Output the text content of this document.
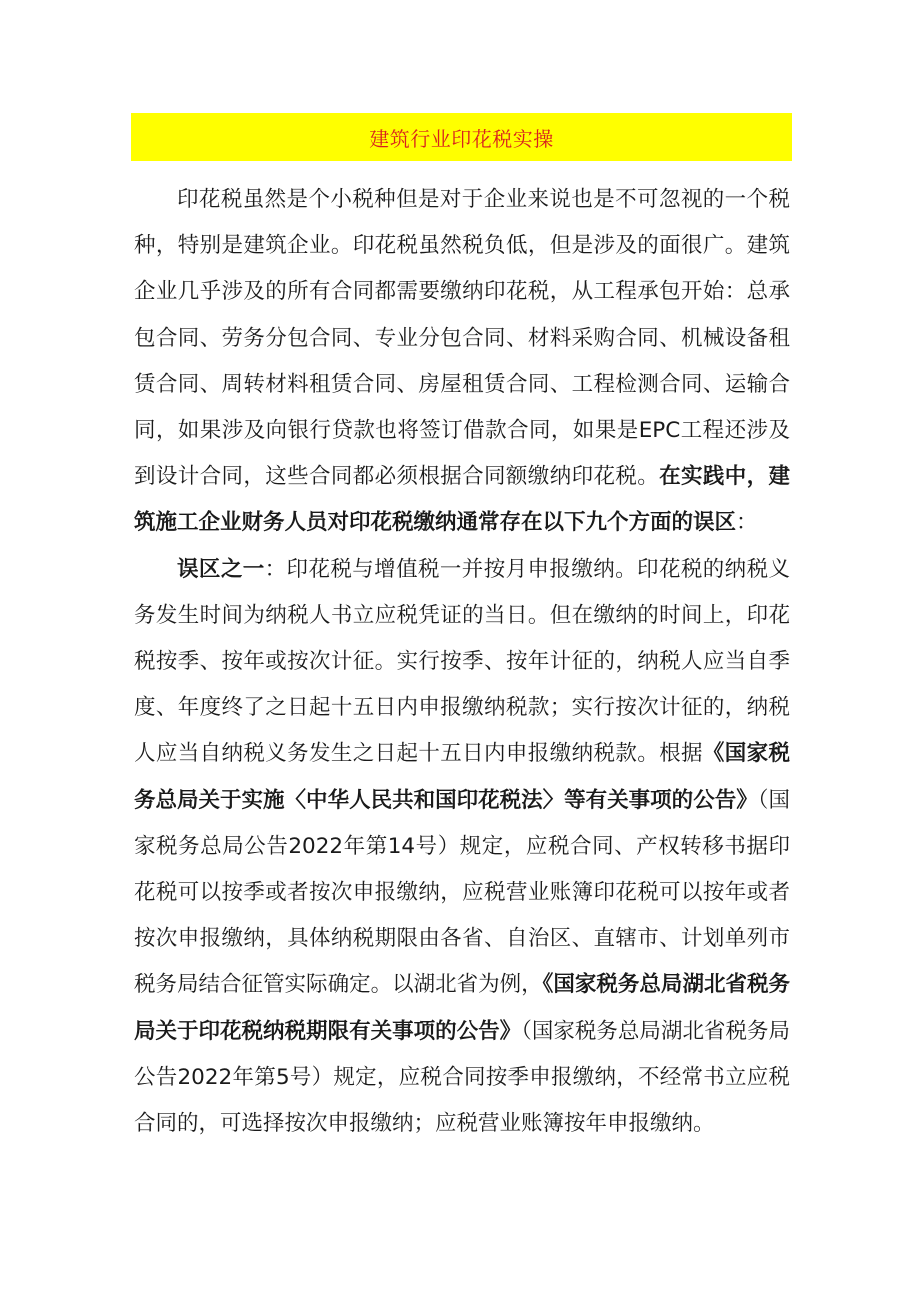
建筑行业印花税实操

印花税虽然是个小税种但是对于企业来说也是不可忽视的一个税种，特别是建筑企业。印花税虽然税负低，但是涉及的面很广。建筑企业几乎涉及的所有合同都需要缴纳印花税，从工程承包开始：总承包合同、劳务分包合同、专业分包合同、材料采购合同、机械设备租赁合同、周转材料租赁合同、房屋租赁合同、工程检测合同、运输合同，如果涉及向银行贷款也将签订借款合同，如果是EPC工程还涉及到设计合同，这些合同都必须根据合同额缴纳印花税。在实践中，建筑施工企业财务人员对印花税缴纳通常存在以下九个方面的误区：

误区之一：印花税与增值税一并按月申报缴纳。印花税的纳税义务发生时间为纳税人书立应税凭证的当日。但在缴纳的时间上，印花税按季、按年或按次计征。实行按季、按年计征的，纳税人应当自季度、年度终了之日起十五日内申报缴纳税款；实行按次计征的，纳税人应当自纳税义务发生之日起十五日内申报缴纳税款。根据《国家税务总局关于实施〈中华人民共和国印花税法〉等有关事项的公告》（国家税务总局公告2022年第14号）规定，应税合同、产权转移书据印花税可以按季或者按次申报缴纳，应税营业账簿印花税可以按年或者按次申报缴纳，具体纳税期限由各省、自治区、直辖市、计划单列市税务局结合征管实际确定。以湖北省为例，《国家税务总局湖北省税务局关于印花税纳税期限有关事项的公告》（国家税务总局湖北省税务局公告2022年第5号）规定，应税合同按季申报缴纳，不经常书立应税合同的，可选择按次申报缴纳；应税营业账簿按年申报缴纳。
